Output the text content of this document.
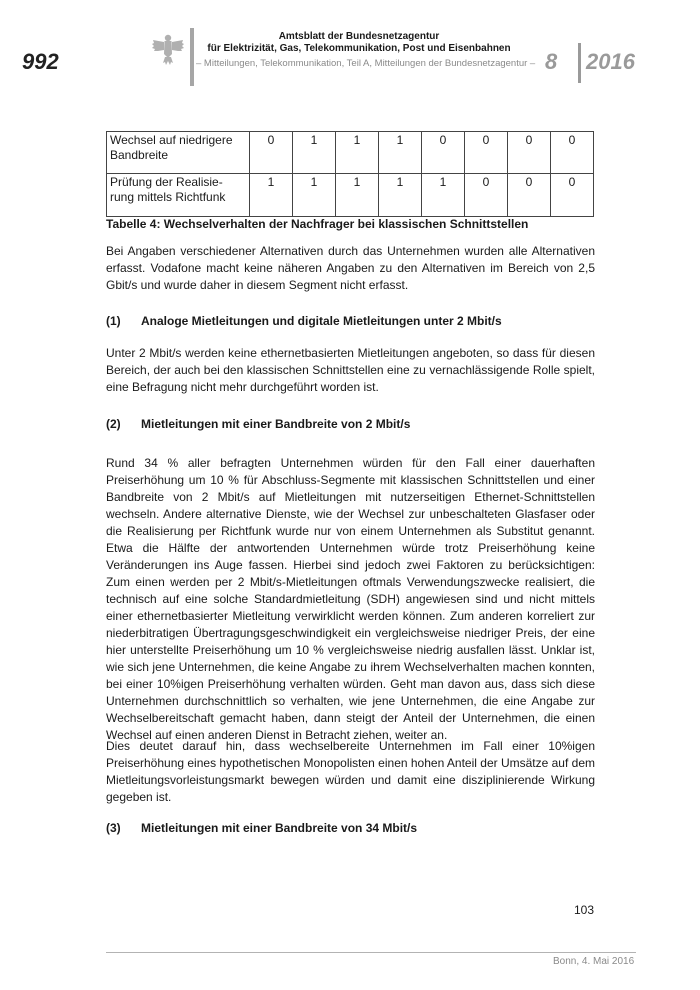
992
Amtsblatt der Bundesnetzagentur
für Elektrizität, Gas, Telekommunikation, Post und Eisenbahnen
– Mitteilungen, Telekommunikation, Teil A, Mitteilungen der Bundesnetzagentur – 8 2016
Wechsel auf niedrigere
Bandbreite	0	1	1	1	0	0	0	0
Prüfung der Realisie-
rung mittels Richtfunk	1	1	1	1	1	0	0	0
Tabelle 4: Wechselverhalten der Nachfrager bei klassischen Schnittstellen
Bei Angaben verschiedener Alternativen durch das Unternehmen wurden alle Alternativen erfasst. Vodafone macht keine näheren Angaben zu den Alternativen im Bereich von 2,5 Gbit/s und wurde daher in diesem Segment nicht erfasst.
(1) Analoge Mietleitungen und digitale Mietleitungen unter 2 Mbit/s
Unter 2 Mbit/s werden keine ethernetbasierten Mietleitungen angeboten, so dass für diesen Bereich, der auch bei den klassischen Schnittstellen eine zu vernachlässigende Rolle spielt, eine Befragung nicht mehr durchgeführt worden ist.
(2) Mietleitungen mit einer Bandbreite von 2 Mbit/s
Rund 34 % aller befragten Unternehmen würden für den Fall einer dauerhaften Preiserhöhung um 10 % für Abschluss-Segmente mit klassischen Schnittstellen und einer Bandbreite von 2 Mbit/s auf Mietleitungen mit nutzerseitigen Ethernet-Schnittstellen wechseln. Andere alternative Dienste, wie der Wechsel zur unbeschalteten Glasfaser oder die Realisierung per Richtfunk wurde nur von einem Unternehmen als Substitut genannt. Etwa die Hälfte der antwortenden Unternehmen würde trotz Preiserhöhung keine Veränderungen ins Auge fassen. Hierbei sind jedoch zwei Faktoren zu berücksichtigen: Zum einen werden per 2 Mbit/s-Mietleitungen oftmals Verwendungszwecke realisiert, die technisch auf eine solche Standardmietleitung (SDH) angewiesen sind und nicht mittels einer ethernetbasierter Mietleitung verwirklicht werden können. Zum anderen korreliert zur niederbitratigen Übertragungsgeschwindigkeit ein vergleichsweise niedriger Preis, der eine hier unterstellte Preiserhöhung um 10 % vergleichsweise niedrig ausfallen lässt. Unklar ist, wie sich jene Unternehmen, die keine Angabe zu ihrem Wechselverhalten machen konnten, bei einer 10%igen Preiserhöhung verhalten würden. Geht man davon aus, dass sich diese Unternehmen durchschnittlich so verhalten, wie jene Unternehmen, die eine Angabe zur Wechselbereitschaft gemacht haben, dann steigt der Anteil der Unternehmen, die einen Wechsel auf einen anderen Dienst in Betracht ziehen, weiter an.
Dies deutet darauf hin, dass wechselbereite Unternehmen im Fall einer 10%igen Preiserhöhung eines hypothetischen Monopolisten einen hohen Anteil der Umsätze auf dem Mietleitungsvorleistungsmarkt bewegen würden und damit eine disziplinierende Wirkung gegeben ist.
(3) Mietleitungen mit einer Bandbreite von 34 Mbit/s
103
Bonn, 4. Mai 2016
